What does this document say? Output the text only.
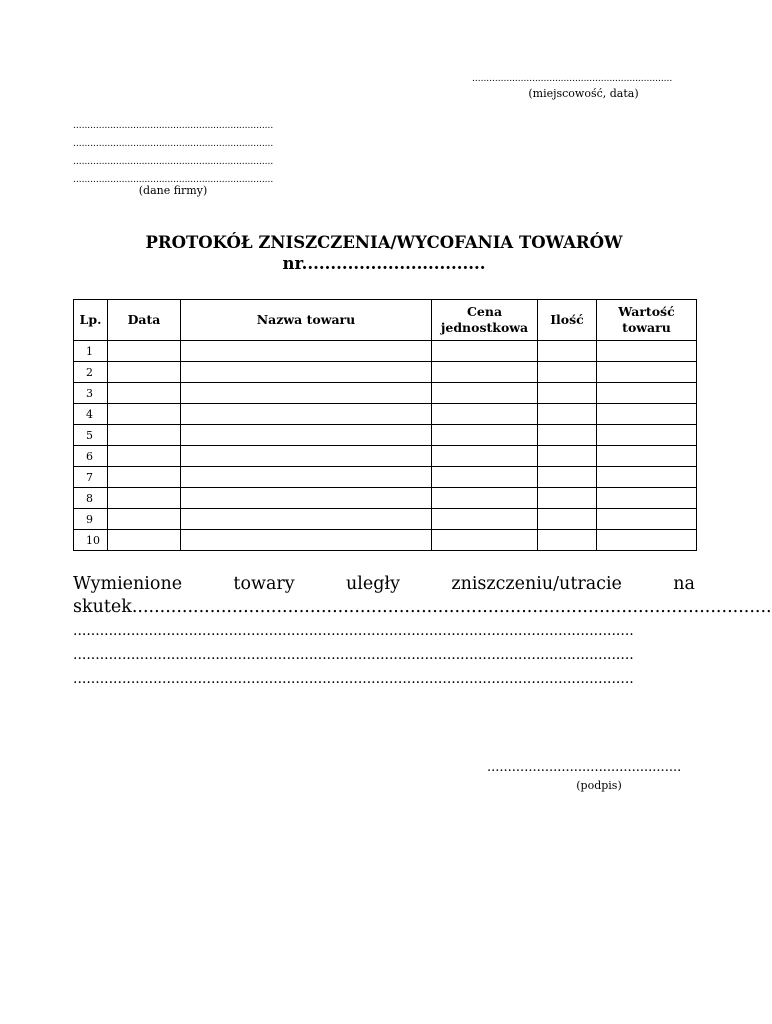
......................................................................
(miejscowość, data)
......................................................................
......................................................................
......................................................................
......................................................................
(dane firmy)
PROTOKÓŁ ZNISZCZENIA/WYCOFANIA TOWARÓW
nr................................
Lp.	Data	Nazwa towaru	Cena jednostkowa	Ilość	Wartość towaru
1					
2					
3					
4					
5					
6					
7					
8					
9					
10					
Wymienione	towary	uległy	zniszczeniu/utracie	na
skutek...................................................................................................................
..............................................................................................................................
..............................................................................................................................
..............................................................................................................................
...............................................
(podpis)
